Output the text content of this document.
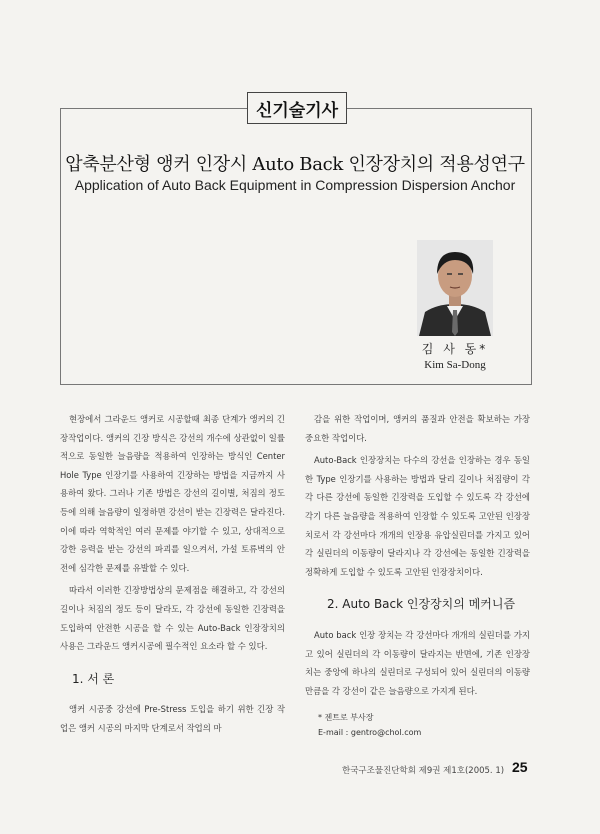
신기술기사
압축분산형 앵커 인장시 Auto Back 인장장치의 적용성연구
Application of Auto Back Equipment in Compression Dispersion Anchor
김 사 동*
Kim Sa-Dong

현장에서 그라운드 앵커로 시공할때 최종 단계가 앵커의 긴장작업이다. 앵커의 긴장 방식은 강선의 개수에 상관없이 일률적으로 동일한 늘음량을 적용하여 인장하는 방식인 Center Hole Type 인장기를 사용하여 긴장하는 방법을 지금까지 사용하여 왔다. 그러나 기존 방법은 강선의 길이별, 처짐의 정도 등에 의해 늘음량이 일정하면 강선이 받는 긴장력은 달라진다. 이에 따라 역학적인 여러 문제를 야기할 수 있고, 상대적으로 강한 응력을 받는 강선의 파괴를 일으켜서, 가설 토류벽의 안전에 심각한 문제를 유발할 수 있다.

따라서 이러한 긴장방법상의 문제점을 해결하고, 각 강선의 길이나 처짐의 정도 등이 달라도, 각 강선에 동일한 긴장력을 도입하여 안전한 시공을 할 수 있는 Auto-Back 인장장치의 사용은 그라운드 앵커시공에 필수적인 요소라 할 수 있다.

1. 서 론

앵커 시공중 강선에 Pre-Stress 도입을 하기 위한 긴장 작업은 앵커 시공의 마지막 단계로서 작업의 마

감을 위한 작업이며, 앵커의 품질과 안전을 확보하는 가장 중요한 작업이다.

Auto-Back 인장장치는 다수의 강선을 인장하는 경우 동일한 Type 인장기를 사용하는 방법과 달리 길이나 처짐량이 각각 다른 강선에 동일한 긴장력을 도입할 수 있도록 각 강선에 각기 다른 늘음량을 적용하여 인장할 수 있도록 고안된 인장장치로서 각 강선마다 개개의 인장용 유압실린더를 가지고 있어 각 실린더의 이동량이 달라지나 각 강선에는 동일한 긴장력을 정확하게 도입할 수 있도록 고안된 인장장치이다.

2. Auto Back 인장장치의 메커니즘

Auto back 인장 장치는 각 강선마다 개개의 실린더를 가지고 있어 실린더의 각 이동량이 달라지는 반면에, 기존 인장장치는 중앙에 하나의 실린더로 구성되어 있어 실린더의 이동량 만큼을 각 강선이 같은 늘음량으로 가지게 된다.

* 젠트로 부사장
E-mail : gentro@chol.com
한국구조물진단학회 제9권 제1호(2005. 1) 25
